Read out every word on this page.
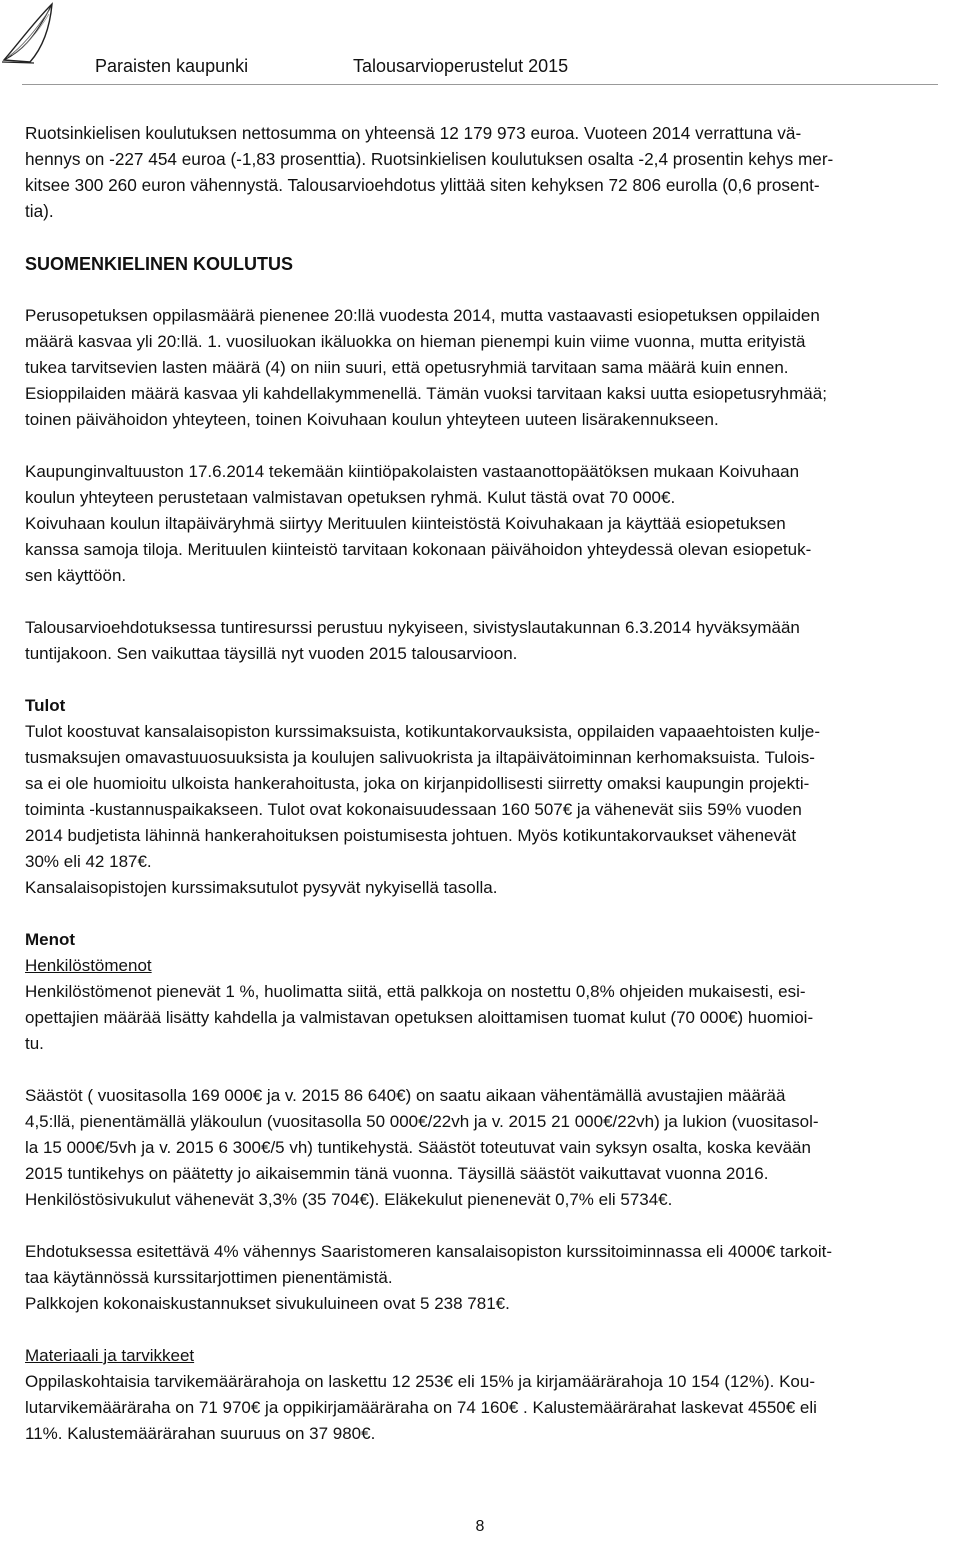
Paraisten kaupunki	Talousarvioperustelut 2015

Ruotsinkielisen koulutuksen nettosumma on yhteensä 12 179 973 euroa. Vuoteen 2014 verrattuna vä-

hennys on -227 454 euroa (-1,83 prosenttia). Ruotsinkielisen koulutuksen osalta -2,4 prosentin kehys mer-

kitsee 300 260 euron vähennystä. Talousarvioehdotus ylittää siten kehyksen 72 806 eurolla (0,6 prosent-

tia).

SUOMENKIELINEN KOULUTUS

Perusopetuksen oppilasmäärä pienenee 20:llä vuodesta 2014, mutta vastaavasti esiopetuksen oppilaiden

määrä kasvaa yli 20:llä. 1. vuosiluokan ikäluokka on hieman pienempi kuin viime vuonna, mutta erityistä

tukea tarvitsevien lasten määrä (4) on niin suuri, että opetusryhmiä tarvitaan sama määrä kuin ennen.

Esioppilaiden määrä kasvaa yli kahdellakymmenellä. Tämän vuoksi tarvitaan kaksi uutta esiopetusryhmää;

toinen päivähoidon yhteyteen, toinen Koivuhaan koulun yhteyteen uuteen lisärakennukseen.

Kaupunginvaltuuston 17.6.2014 tekemään kiintiöpakolaisten vastaanottopäätöksen mukaan Koivuhaan

koulun yhteyteen perustetaan valmistavan opetuksen ryhmä. Kulut tästä ovat 70 000€.

Koivuhaan koulun iltapäiväryhmä siirtyy Merituulen kiinteistöstä Koivuhakaan ja käyttää esiopetuksen

kanssa samoja tiloja. Merituulen kiinteistö tarvitaan kokonaan päivähoidon yhteydessä olevan esiopetuk-

sen käyttöön.

Talousarvioehdotuksessa tuntiresurssi perustuu nykyiseen, sivistyslautakunnan 6.3.2014 hyväksymään

tuntijakoon. Sen vaikuttaa täysillä nyt vuoden 2015 talousarvioon.

Tulot

Tulot koostuvat kansalaisopiston kurssimaksuista, kotikuntakorvauksista, oppilaiden vapaaehtoisten kulje-

tusmaksujen omavastuuosuuksista ja koulujen salivuokrista ja iltapäivätoiminnan kerhomaksuista. Tulois-

sa ei ole huomioitu ulkoista hankerahoitusta, joka on kirjanpidollisesti siirretty omaksi kaupungin projekti-

toiminta -kustannuspaikakseen. Tulot ovat kokonaisuudessaan 160 507€ ja vähenevät siis 59% vuoden

2014 budjetista lähinnä hankerahoituksen poistumisesta johtuen. Myös kotikuntakorvaukset vähenevät

30% eli 42 187€.

Kansalaisopistojen kurssimaksutulot pysyvät nykyisellä tasolla.

Menot

Henkilöstömenot

Henkilöstömenot pienevät 1 %, huolimatta siitä, että palkkoja on nostettu 0,8% ohjeiden mukaisesti, esi-

opettajien määrää lisätty kahdella ja valmistavan opetuksen aloittamisen tuomat kulut (70 000€) huomioi-

tu.

Säästöt ( vuositasolla 169 000€ ja v. 2015 86 640€) on saatu aikaan vähentämällä avustajien määrää

4,5:llä, pienentämällä yläkoulun (vuositasolla 50 000€/22vh ja v. 2015 21 000€/22vh) ja lukion (vuositasol-

la 15 000€/5vh ja v. 2015 6 300€/5 vh) tuntikehystä. Säästöt toteutuvat vain syksyn osalta, koska kevään

2015 tuntikehys on päätetty jo aikaisemmin tänä vuonna. Täysillä säästöt vaikuttavat vuonna 2016.

Henkilöstösivukulut vähenevät 3,3% (35 704€). Eläkekulut pienenevät 0,7% eli 5734€.

Ehdotuksessa esitettävä 4% vähennys Saaristomeren kansalaisopiston kurssitoiminnassa eli 4000€ tarkoit-

taa käytännössä kurssitarjottimen pienentämistä.

Palkkojen kokonaiskustannukset sivukuluineen ovat 5 238 781€.

Materiaali ja tarvikkeet

Oppilaskohtaisia tarvikemäärärahoja on laskettu 12 253€ eli 15% ja kirjamäärärahoja 10 154 (12%). Kou-

lutarvikemääräraha on 71 970€ ja oppikirjamääräraha on 74 160€ . Kalustemäärärahat laskevat 4550€ eli

11%. Kalustemäärärahan suuruus on 37 980€.

8
